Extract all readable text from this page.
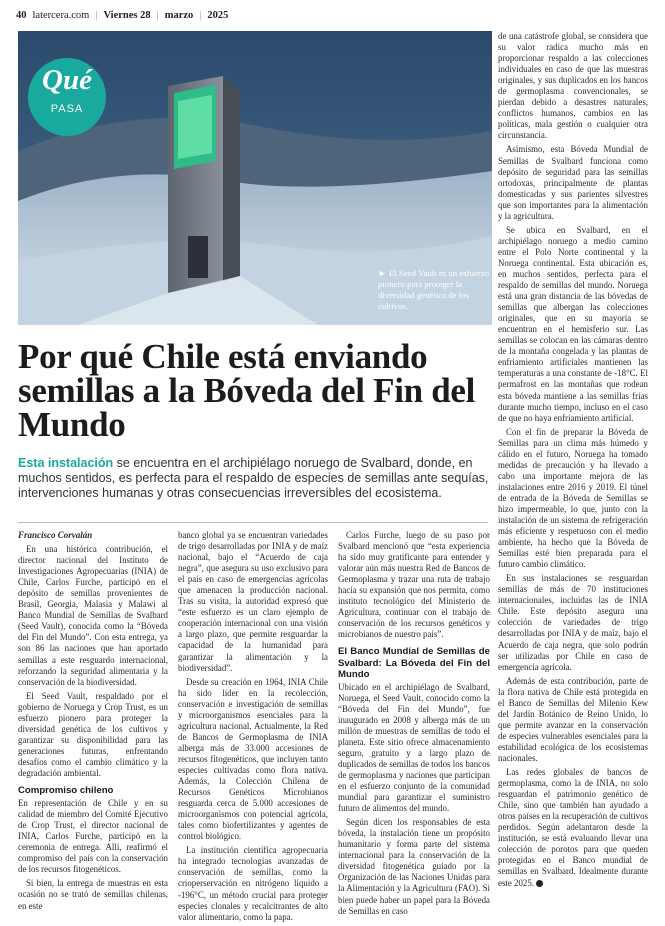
40 latercera.com | Viernes 28 | marzo | 2025
Qué
PASA
► El Seed Vault es un esfuerzo pionero para proteger la diversidad genética de los cultivos.
Por qué Chile está enviando semillas a la Bóveda del Fin del Mundo
Esta instalación se encuentra en el archipiélago noruego de Svalbard, donde, en muchos sentidos, es perfecta para el respaldo de especies de semillas ante sequías, intervenciones humanas y otras consecuencias irreversibles del ecosistema.
Francisco Corvalán

En una histórica contribución, el director nacional del Instituto de Investigaciones Agropecuarias (INIA) de Chile, Carlos Furche, participó en el depósito de semillas provenientes de Brasil, Georgia, Malasia y Malawi al Banco Mundial de Semillas de Svalbard (Seed Vault), conocida como la “Bóveda del Fin del Mundo”. Con esta entrega, ya son 86 las naciones que han aportado semillas a este resguardo internacional, reforzando la seguridad alimentaria y la conservación de la biodiversidad.

El Seed Vault, respaldado por el gobierno de Noruega y Crop Trust, es un esfuerzo pionero para proteger la diversidad genética de los cultivos y garantizar su disponibilidad para las generaciones futuras, enfrentando desafíos como el cambio climático y la degradación ambiental.

Compromiso chileno

En representación de Chile y en su calidad de miembro del Comité Ejecutivo de Crop Trust, el director nacional de INIA, Carlos Furche, participó en la ceremonia de entrega. Allí, reafirmó el compromiso del país con la conservación de los recursos fitogenéticos.

Si bien, la entrega de muestras en esta ocasión no se trató de semillas chilenas, en este

banco global ya se encuentran variedades de trigo desarrolladas por INIA y de maíz nacional, bajo el “Acuerdo de caja negra”, que asegura su uso exclusivo para el país en caso de emergencias agrícolas que amenacen la producción nacional. Tras su visita, la autoridad expresó que “este esfuerzo es un claro ejemplo de cooperación internacional con una visión a largo plazo, que permite resguardar la capacidad de la humanidad para garantizar la alimentación y la biodiversidad”.

Desde su creación en 1964, INIA Chile ha sido líder en la recolección, conservación e investigación de semillas y microorganismos esenciales para la agricultura nacional. Actualmente, la Red de Bancos de Germoplasma de INIA alberga más de 33.000 accesiones de recursos fitogenéticos, que incluyen tanto especies cultivadas como flora nativa. Además, la Colección Chilena de Recursos Genéticos Microbianos resguarda cerca de 5.000 accesiones de microorganismos con potencial agrícola, tales como biofertilizantes y agentes de control biológico.

La institución científica agropecuaria ha integrado tecnologías avanzadas de conservación de semillas, como la crioperservación en nitrógeno líquido a -196°C, un método crucial para proteger especies clonales y recalcitrantes de alto valor alimentario, como la papa.

Carlos Furche, luego de su paso por Svalbard mencionó que “esta experiencia ha sido muy gratificante para entender y valorar aún más nuestra Red de Bancos de Germoplasma y trazar una ruta de trabajo hacia su expansión que nos permita, como instituto tecnológico del Ministerio de Agricultura, continuar con el trabajo de conservación de los recursos genéticos y microbianos de nuestro país”.

El Banco Mundial de Semillas de Svalbard: La Bóveda del Fin del Mundo

Ubicado en el archipiélago de Svalbard, Noruega, el Seed Vault, conocido como la “Bóveda del Fin del Mundo”, fue inaugurado en 2008 y alberga más de un millón de muestras de semillas de todo el planeta. Este sitio ofrece almacenamiento seguro, gratuito y a largo plazo de duplicados de semillas de todos los bancos de germoplasma y naciones que participan en el esfuerzo conjunto de la comunidad mundial para garantizar el suministro futuro de alimentos del mundo.

Según dicen los responsables de esta bóveda, la instalación tiene un propósito humanitario y forma parte del sistema internacional para la conservación de la diversidad fitogenética guiado por la Organización de las Naciones Unidas para la Alimentación y la Agricultura (FAO). Si bien puede haber un papel para la Bóveda de Semillas en caso

de una catástrofe global, se considera que su valor radica mucho más en proporcionar respaldo a las colecciones individuales en caso de que las muestras originales, y sus duplicados en los bancos de germoplasma convencionales, se pierdan debido a desastres naturales, conflictos humanos, cambios en las políticas, mala gestión o cualquier otra circunstancia.

Asimismo, esta Bóveda Mundial de Semillas de Svalbard funciona como depósito de seguridad para las semillas ortodoxas, principalmente de plantas domesticadas y sus parientes silvestres que son importantes para la alimentación y la agricultura.

Se ubica en Svalbard, en el archipiélago noruego a medio camino entre el Polo Norte continental y la Noruega continental. Esta ubicación es, en muchos sentidos, perfecta para el respaldo de semillas del mundo. Noruega está una gran distancia de las bóvedas de semillas que albergan las colecciones originales, que en su mayoría se encuentran en el hemisferio sur. Las semillas se colocan en las cámaras dentro de la montaña congelada y las plantas de enfriamiento artificiales mantienen las temperaturas a una constante de -18°C. El permafrost en las montañas que rodean esta bóveda mantiene a las semillas frías durante mucho tiempo, incluso en el caso de que no haya enfriamiento artificial.

Con el fin de preparar la Bóveda de Semillas para un clima más húmedo y cálido en el futuro, Noruega ha tomado medidas de precaución y ha llevado a cabo una importante mejora de las instalaciones entre 2016 y 2019. El túnel de entrada de la Bóveda de Semillas se hizo impermeable, lo que, junto con la instalación de un sistema de refrigeración más eficiente y respetuoso con el medio ambiente, ha hecho que la Bóveda de Semillas esté bien preparada para el futuro cambio climático.

En sus instalaciones se resguardan semillas de más de 70 instituciones internacionales, incluidas las de INIA Chile. Este depósito asegura una colección de variedades de trigo desarrolladas por INIA y de maíz, bajo el Acuerdo de caja negra, que solo podrán ser utilizadas por Chile en caso de emergencia agrícola.

Además de esta contribución, parte de la flora nativa de Chile está protegida en el Banco de Semillas del Milenio Kew del Jardín Botánico de Reino Unido, lo que permite avanzar en la conservación de especies vulnerables esenciales para la estabilidad ecológica de los ecosistemas nacionales.

Las redes globales de bancos de germoplasma, como la de INIA, no solo resguardan el patrimonio genético de Chile, sino que también han ayudado a otros países en la recuperación de cultivos perdidos. Según adelantaron desde la institución, se está evaluando llevar una colección de porotos para que queden protegidas en el Banco mundial de semillas en Svalbard. Idealmente durante este 2025.
